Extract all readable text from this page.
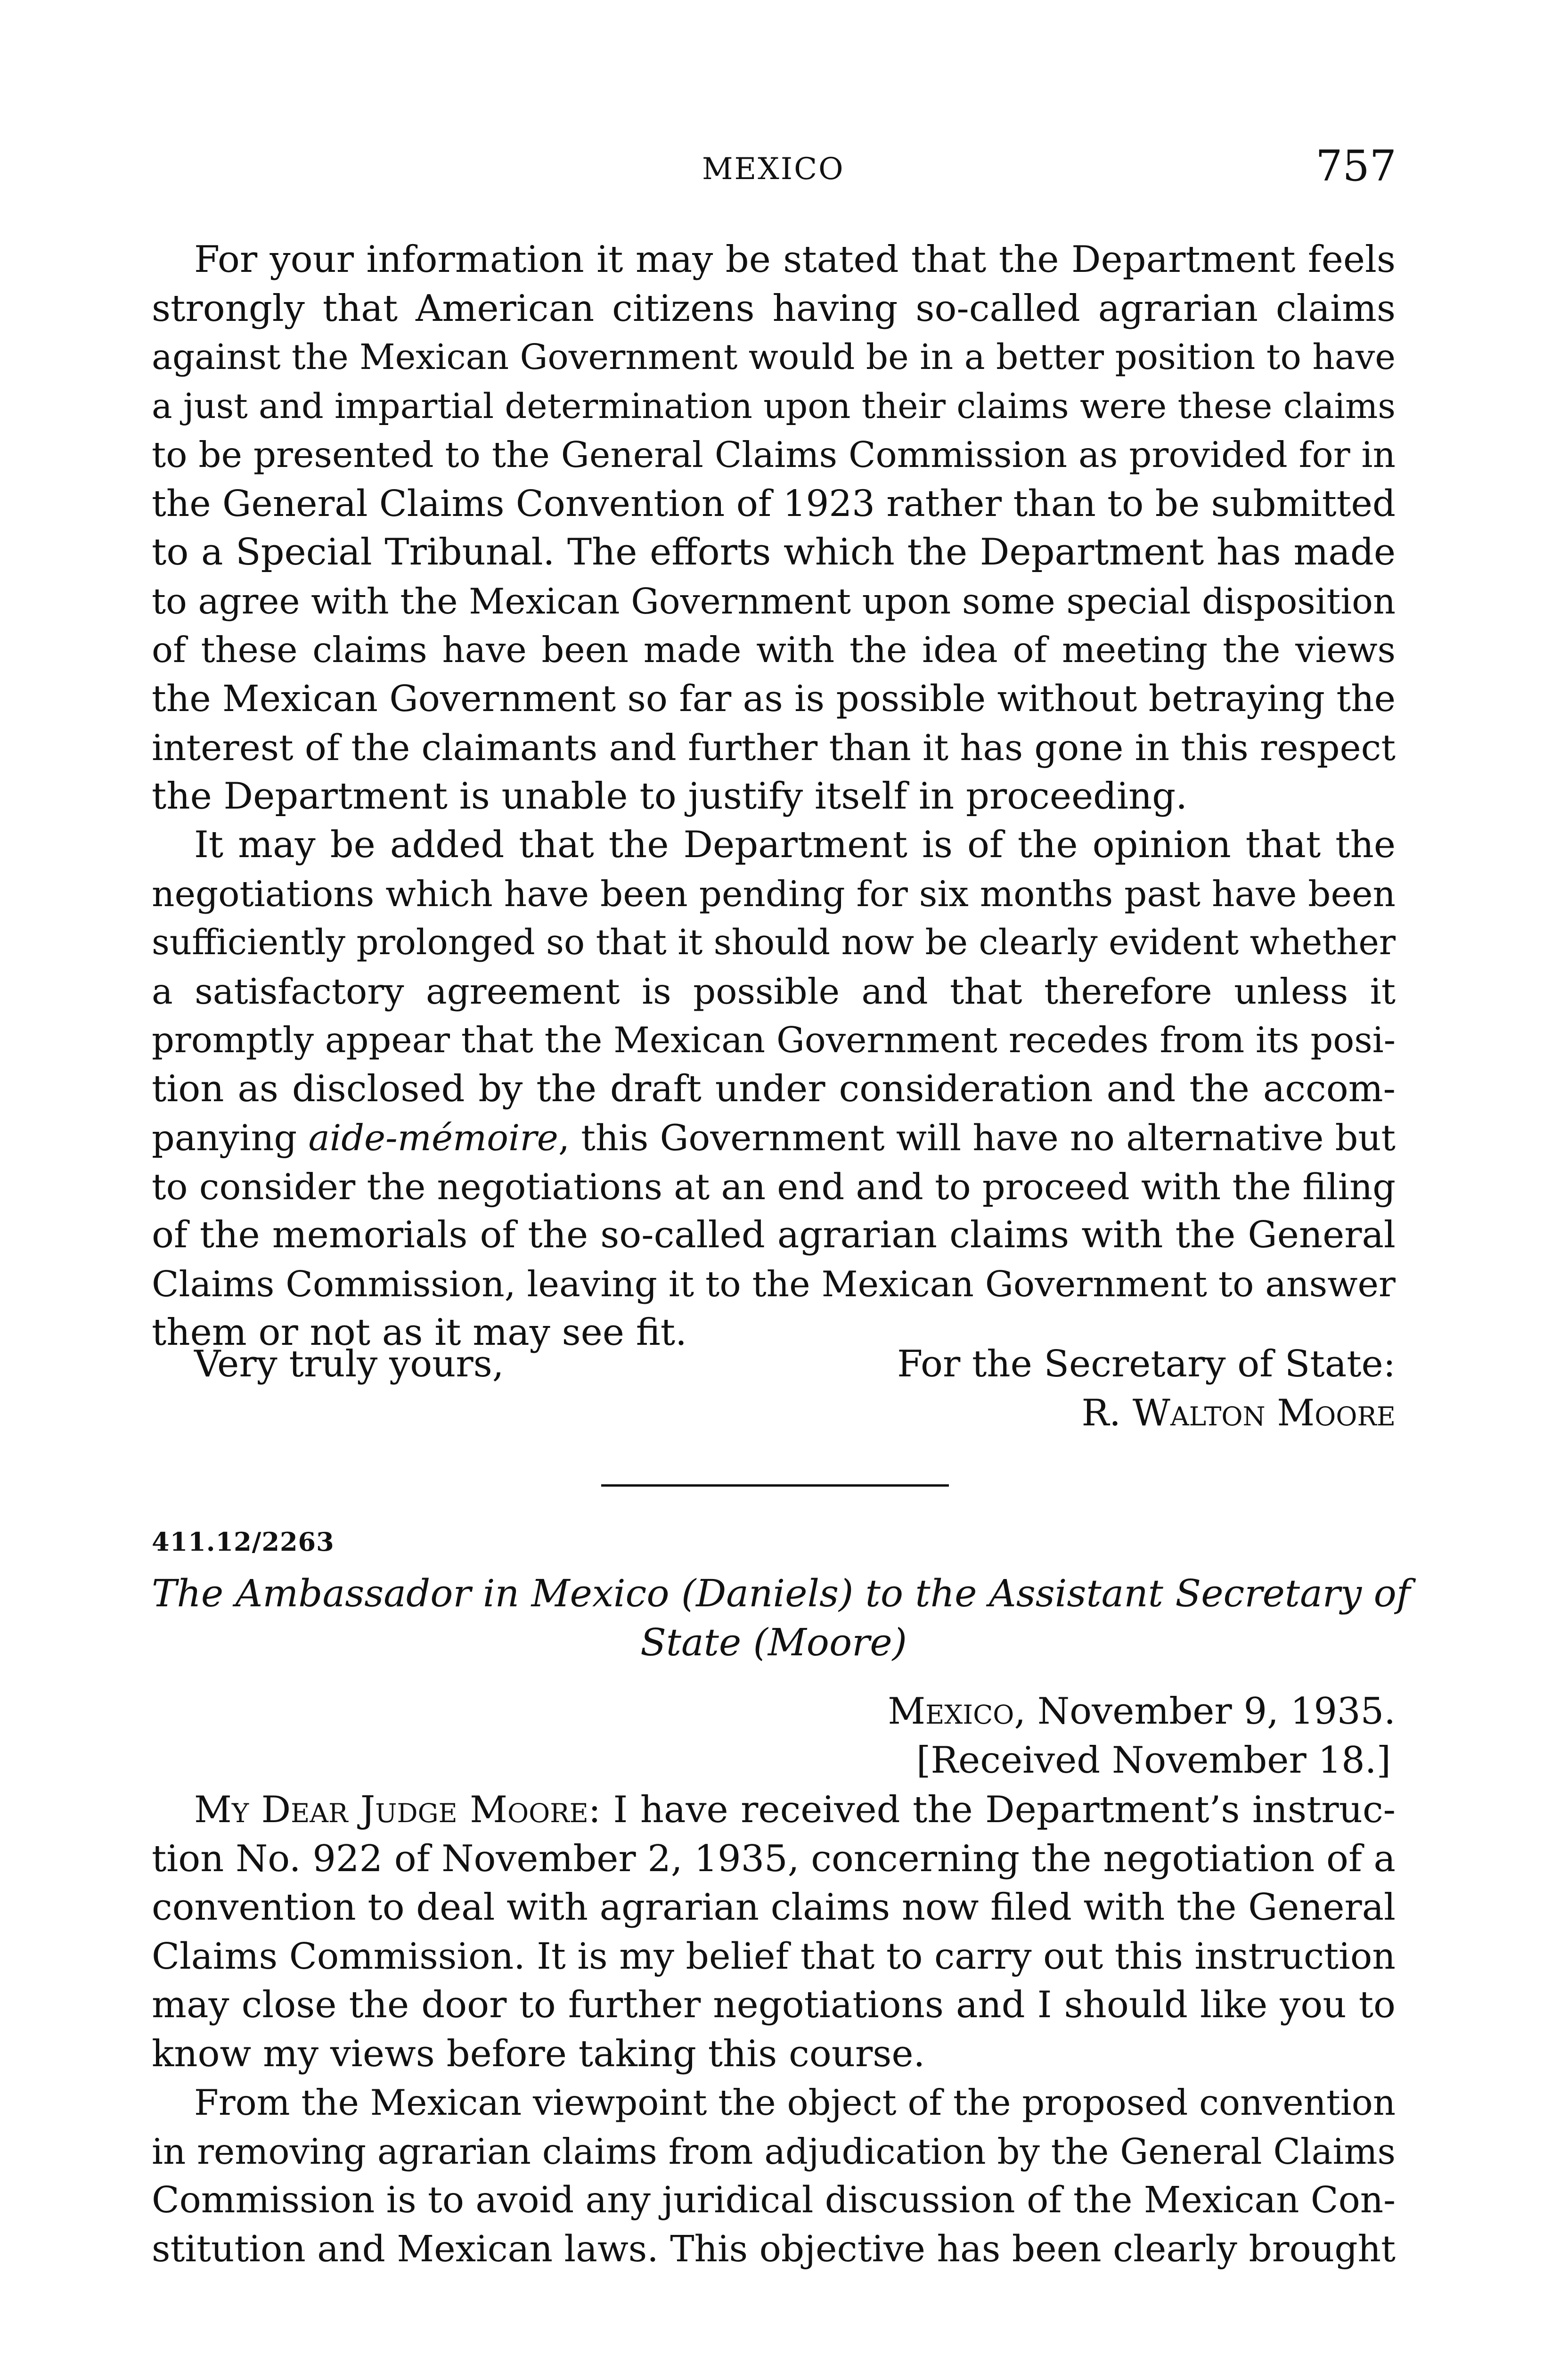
MEXICO	757
For your information it may be stated that the Department feels
strongly that American citizens having so-called agrarian claims
against the Mexican Government would be in a better position to have
a just and impartial determination upon their claims were these claims
to be presented to the General Claims Commission as provided for in
the General Claims Convention of 1923 rather than to be submitted
to a Special Tribunal. The efforts which the Department has made
to agree with the Mexican Government upon some special disposition
of these claims have been made with the idea of meeting the views
the Mexican Government so far as is possible without betraying the
interest of the claimants and further than it has gone in this respect
the Department is unable to justify itself in proceeding.
It may be added that the Department is of the opinion that the
negotiations which have been pending for six months past have been
sufficiently prolonged so that it should now be clearly evident whether
a satisfactory agreement is possible and that therefore unless it
promptly appear that the Mexican Government recedes from its posi-
tion as disclosed by the draft under consideration and the accom-
panying aide-mémoire, this Government will have no alternative but
to consider the negotiations at an end and to proceed with the filing
of the memorials of the so-called agrarian claims with the General
Claims Commission, leaving it to the Mexican Government to answer
them or not as it may see fit.
Very truly yours,	For the Secretary of State:
R. Walton Moore
411.12/2263
The Ambassador in Mexico (Daniels) to the Assistant Secretary of
State (Moore)
Mexico, November 9, 1935.
[Received November 18.]
My Dear Judge Moore: I have received the Department’s instruc-
tion No. 922 of November 2, 1935, concerning the negotiation of a
convention to deal with agrarian claims now filed with the General
Claims Commission. It is my belief that to carry out this instruction
may close the door to further negotiations and I should like you to
know my views before taking this course.
From the Mexican viewpoint the object of the proposed convention
in removing agrarian claims from adjudication by the General Claims
Commission is to avoid any juridical discussion of the Mexican Con-
stitution and Mexican laws. This objective has been clearly brought
